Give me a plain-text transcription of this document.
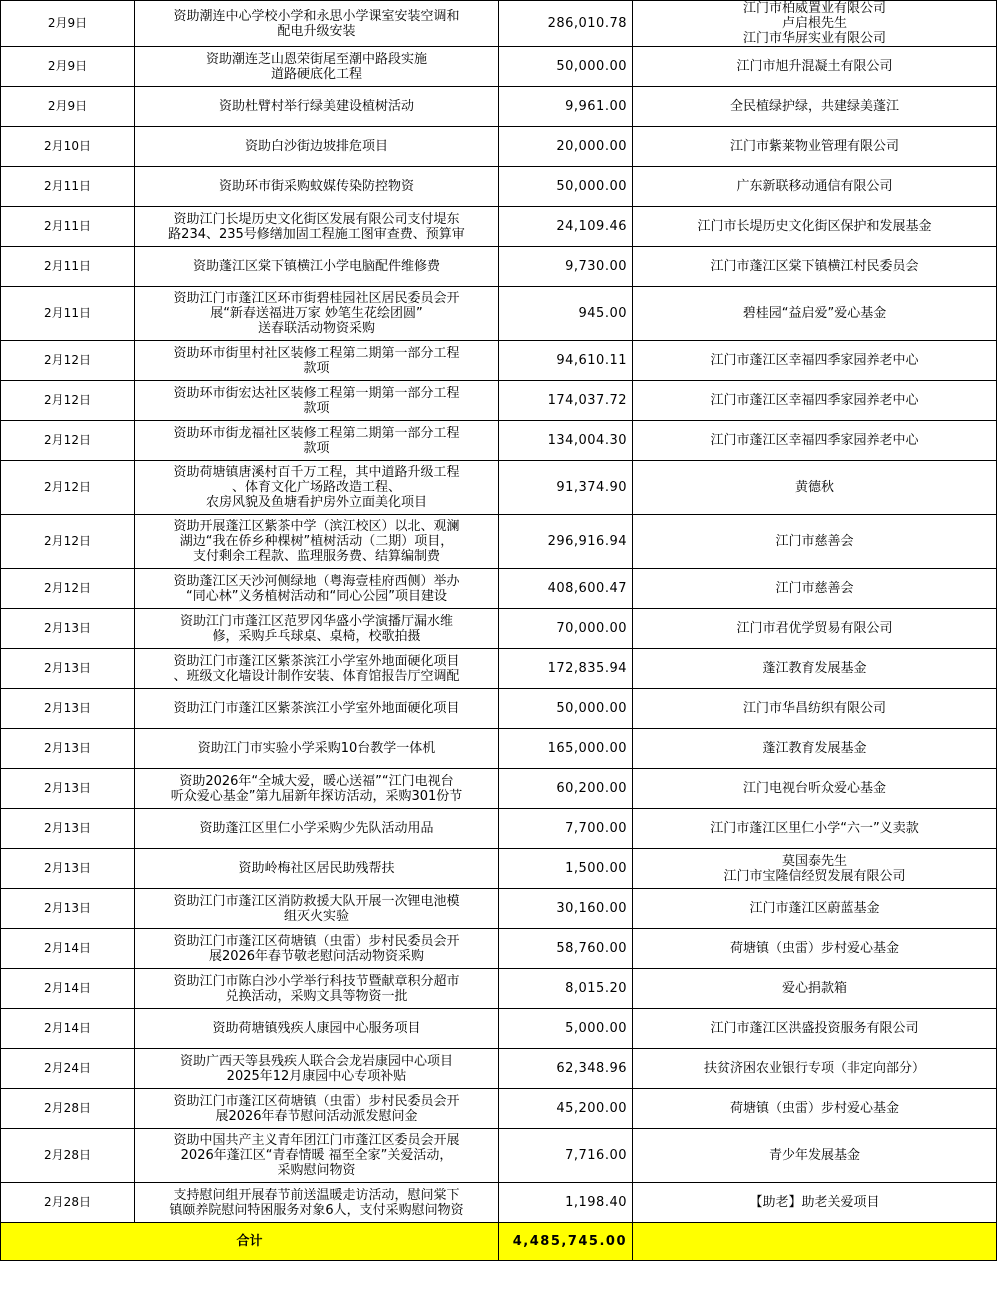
2月9日	资助潮连中心学校小学和永思小学课室安装空调和
配电升级安装	286,010.78	江门市柏威置业有限公司
卢启根先生
江门市华屏实业有限公司

2月9日	资助潮连芝山恩荣街尾至潮中路段实施
道路硬底化工程	50,000.00	江门市旭升混凝土有限公司

2月9日	资助杜臂村举行绿美建设植树活动	9,961.00	全民植绿护绿，共建绿美蓬江

2月10日	资助白沙街边坡排危项目	20,000.00	江门市紫莱物业管理有限公司

2月11日	资助环市街采购蚊媒传染防控物资	50,000.00	广东新联移动通信有限公司

2月11日	资助江门长堤历史文化街区发展有限公司支付堤东
路234、235号修缮加固工程施工图审查费、预算审	24,109.46	江门市长堤历史文化街区保护和发展基金

2月11日	资助蓬江区棠下镇横江小学电脑配件维修费	9,730.00	江门市蓬江区棠下镇横江村民委员会

2月11日	资助江门市蓬江区环市街碧桂园社区居民委员会开
展“新春送福进万家 妙笔生花绘团圆”
送春联活动物资采购	945.00	碧桂园“益启爱”爱心基金

2月12日	资助环市街里村社区装修工程第二期第一部分工程
款项	94,610.11	江门市蓬江区幸福四季家园养老中心

2月12日	资助环市街宏达社区装修工程第一期第一部分工程
款项	174,037.72	江门市蓬江区幸福四季家园养老中心

2月12日	资助环市街龙福社区装修工程第二期第一部分工程
款项	134,004.30	江门市蓬江区幸福四季家园养老中心

2月12日	资助荷塘镇唐溪村百千万工程，其中道路升级工程
、体育文化广场路改造工程、
农房风貌及鱼塘看护房外立面美化项目	91,374.90	黄德秋

2月12日	资助开展蓬江区紫茶中学（滨江校区）以北、观澜
湖边“我在侨乡种棵树”植树活动（二期）项目，
支付剩余工程款、监理服务费、结算编制费	296,916.94	江门市慈善会

2月12日	资助蓬江区天沙河侧绿地（粤海壹桂府西侧）举办
“同心林”义务植树活动和“同心公园”项目建设	408,600.47	江门市慈善会

2月13日	资助江门市蓬江区范罗冈华盛小学演播厅漏水维
修，采购乒乓球桌、桌椅，校歌拍摄	70,000.00	江门市君优学贸易有限公司

2月13日	资助江门市蓬江区紫茶滨江小学室外地面硬化项目
、班级文化墙设计制作安装、体育馆报告厅空调配	172,835.94	蓬江教育发展基金

2月13日	资助江门市蓬江区紫茶滨江小学室外地面硬化项目	50,000.00	江门市华昌纺织有限公司

2月13日	资助江门市实验小学采购10台教学一体机	165,000.00	蓬江教育发展基金

2月13日	资助2026年“全城大爱，暖心送福”“江门电视台
听众爱心基金”第九届新年探访活动，采购301份节	60,200.00	江门电视台听众爱心基金

2月13日	资助蓬江区里仁小学采购少先队活动用品	7,700.00	江门市蓬江区里仁小学“六一”义卖款

2月13日	资助岭梅社区居民助残帮扶	1,500.00	莫国泰先生
江门市宝隆信经贸发展有限公司

2月13日	资助江门市蓬江区消防救援大队开展一次锂电池模
组灭火实验	30,160.00	江门市蓬江区蔚蓝基金

2月14日	资助江门市蓬江区荷塘镇（虫雷）步村民委员会开
展2026年春节敬老慰问活动物资采购	58,760.00	荷塘镇（虫雷）步村爱心基金

2月14日	资助江门市陈白沙小学举行科技节暨献章积分超市
兑换活动，采购文具等物资一批	8,015.20	爱心捐款箱

2月14日	资助荷塘镇残疾人康园中心服务项目	5,000.00	江门市蓬江区洪盛投资服务有限公司

2月24日	资助广西天等县残疾人联合会龙岩康园中心项目
2025年12月康园中心专项补贴	62,348.96	扶贫济困农业银行专项（非定向部分）

2月28日	资助江门市蓬江区荷塘镇（虫雷）步村民委员会开
展2026年春节慰问活动派发慰问金	45,200.00	荷塘镇（虫雷）步村爱心基金

2月28日	资助中国共产主义青年团江门市蓬江区委员会开展
2026年蓬江区“青春情暖 福至全家”关爱活动，
采购慰问物资	7,716.00	青少年发展基金

2月28日	支持慰问组开展春节前送温暖走访活动，慰问棠下
镇颐养院慰问特困服务对象6人，支付采购慰问物资	1,198.40	【助老】助老关爱项目

合计		4,485,745.00	
